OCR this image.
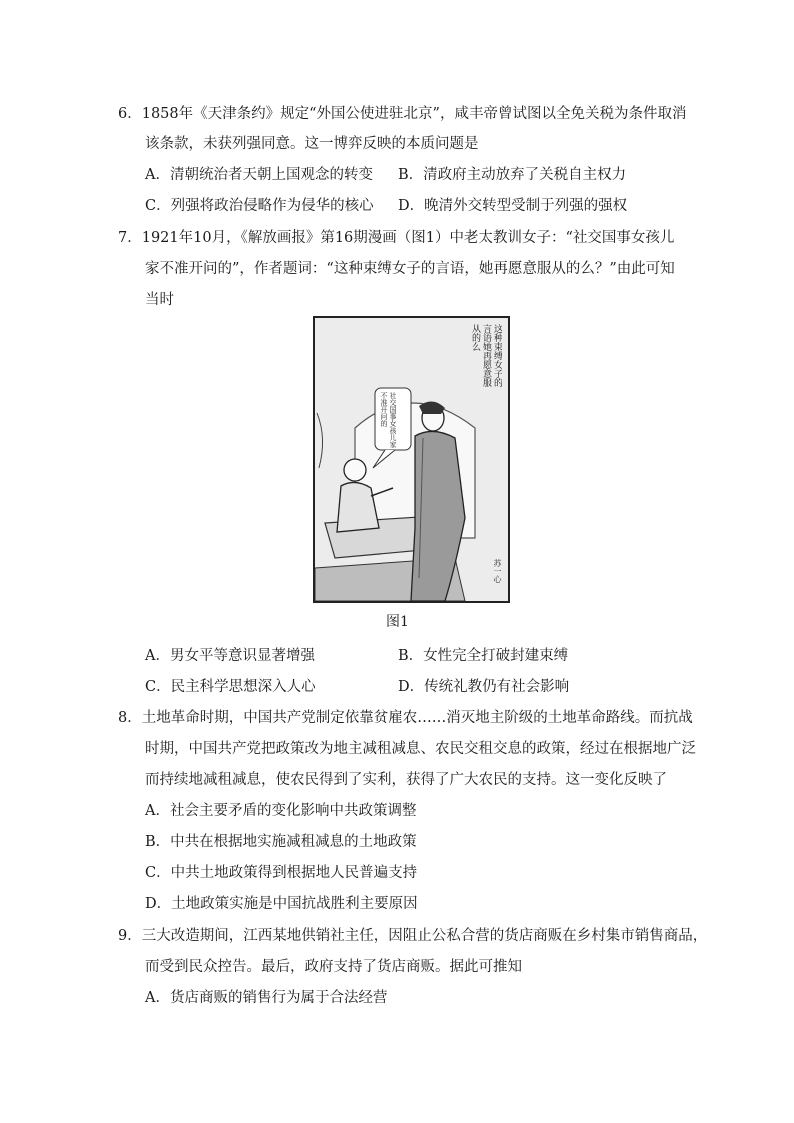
6．1858年《天津条约》规定“外国公使进驻北京”，咸丰帝曾试图以全免关税为条件取消
该条款，未获列强同意。这一博弈反映的本质问题是
A．清朝统治者天朝上国观念的转变 B．清政府主动放弃了关税自主权力
C．列强将政治侵略作为侵华的核心 D．晚清外交转型受制于列强的强权
7．1921年10月，《解放画报》第16期漫画（图1）中老太教训女子：“社交国事女孩儿
家不准开问的”，作者题词：“这种束缚女子的言语，她再愿意服从的么？”由此可知
当时
这种束缚女子的言语她再愿意服从的么
社交国事女孩儿家不准开问的
苏一心
图1
A．男女平等意识显著增强	B．女性完全打破封建束缚
C．民主科学思想深入人心	D．传统礼教仍有社会影响
8．土地革命时期，中国共产党制定依靠贫雇农……消灭地主阶级的土地革命路线。而抗战
时期，中国共产党把政策改为地主减租减息、农民交租交息的政策，经过在根据地广泛
而持续地减租减息，使农民得到了实利，获得了广大农民的支持。这一变化反映了
A．社会主要矛盾的变化影响中共政策调整
B．中共在根据地实施减租减息的土地政策
C．中共土地政策得到根据地人民普遍支持
D．土地政策实施是中国抗战胜利主要原因
9．三大改造期间，江西某地供销社主任，因阻止公私合营的货店商贩在乡村集市销售商品，
而受到民众控告。最后，政府支持了货店商贩。据此可推知
A．货店商贩的销售行为属于合法经营
